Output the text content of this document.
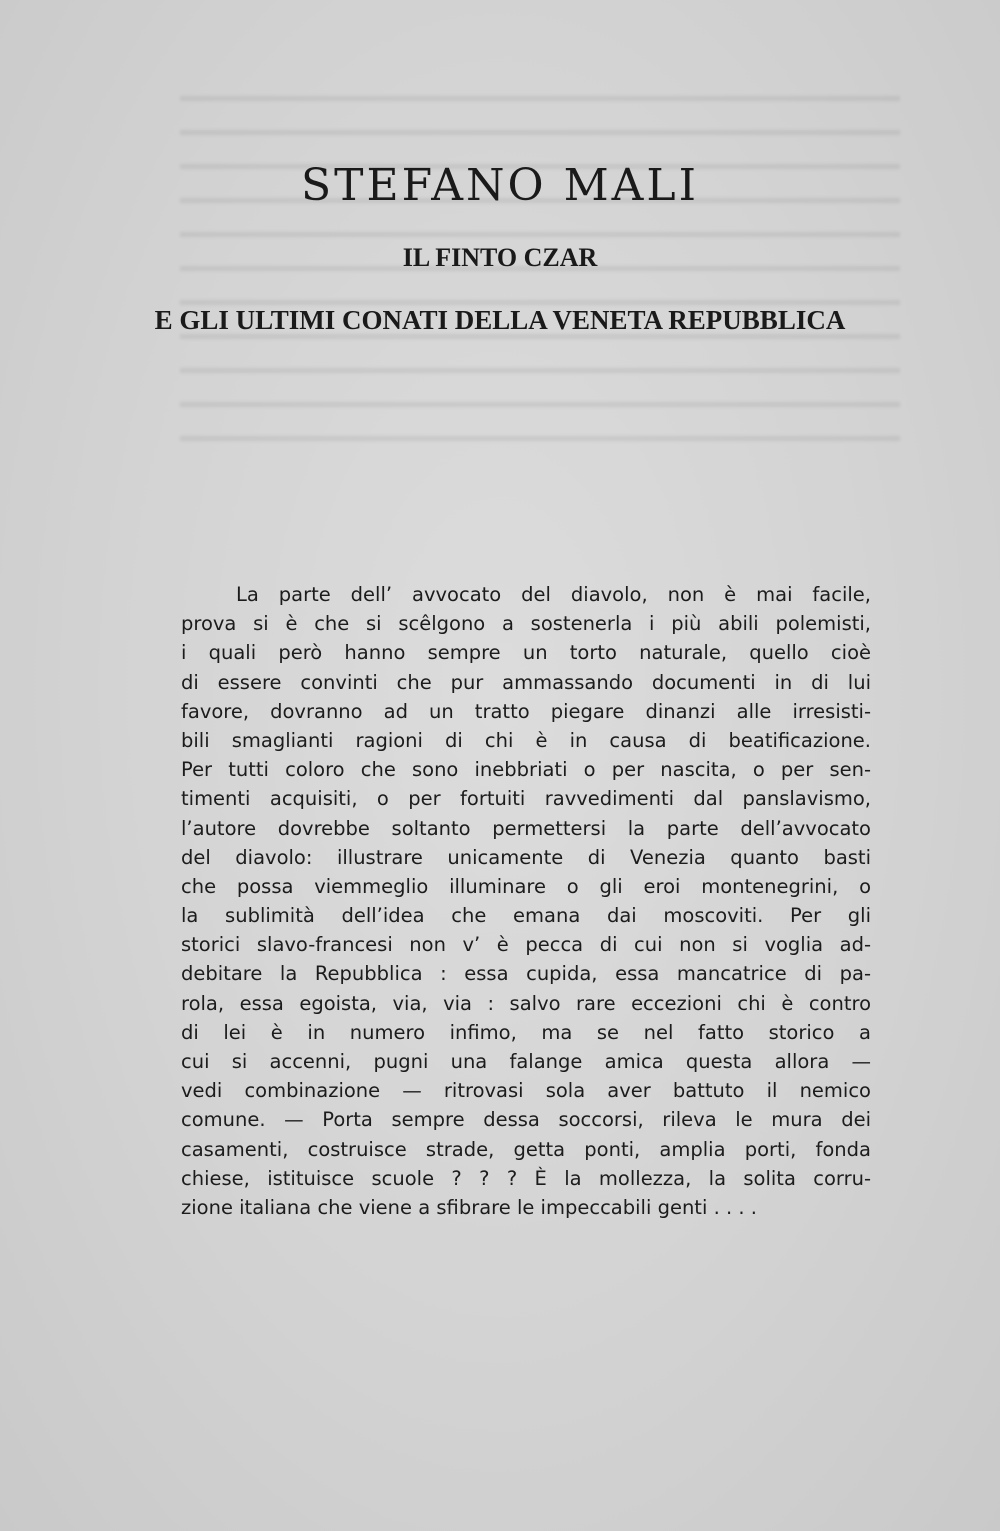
STEFANO MALI
IL FINTO CZAR
E GLI ULTIMI CONATI DELLA VENETA REPUBBLICA
La parte dell’ avvocato del diavolo, non è mai facile,
prova si è che si scêlgono a sostenerla i più abili polemisti,
i quali però hanno sempre un torto naturale, quello cioè
di essere convinti che pur ammassando documenti in di lui
favore, dovranno ad un tratto piegare dinanzi alle irresisti-
bili smaglianti ragioni di chi è in causa di beatificazione.
Per tutti coloro che sono inebbriati o per nascita, o per sen-
timenti acquisiti, o per fortuiti ravvedimenti dal panslavismo,
l’autore dovrebbe soltanto permettersi la parte dell’avvocato
del diavolo: illustrare unicamente di Venezia quanto basti
che possa viemmeglio illuminare o gli eroi montenegrini, o
la sublimità dell’idea che emana dai moscoviti. Per gli
storici slavo-francesi non v’ è pecca di cui non si voglia ad-
debitare la Repubblica : essa cupida, essa mancatrice di pa-
rola, essa egoista, via, via : salvo rare eccezioni chi è contro
di lei è in numero infimo, ma se nel fatto storico a
cui si accenni, pugni una falange amica questa allora —
vedi combinazione — ritrovasi sola aver battuto il nemico
comune. — Porta sempre dessa soccorsi, rileva le mura dei
casamenti, costruisce strade, getta ponti, amplia porti, fonda
chiese, istituisce scuole ? ? ? È la mollezza, la solita corru-
zione italiana che viene a sfibrare le impeccabili genti . . . .
